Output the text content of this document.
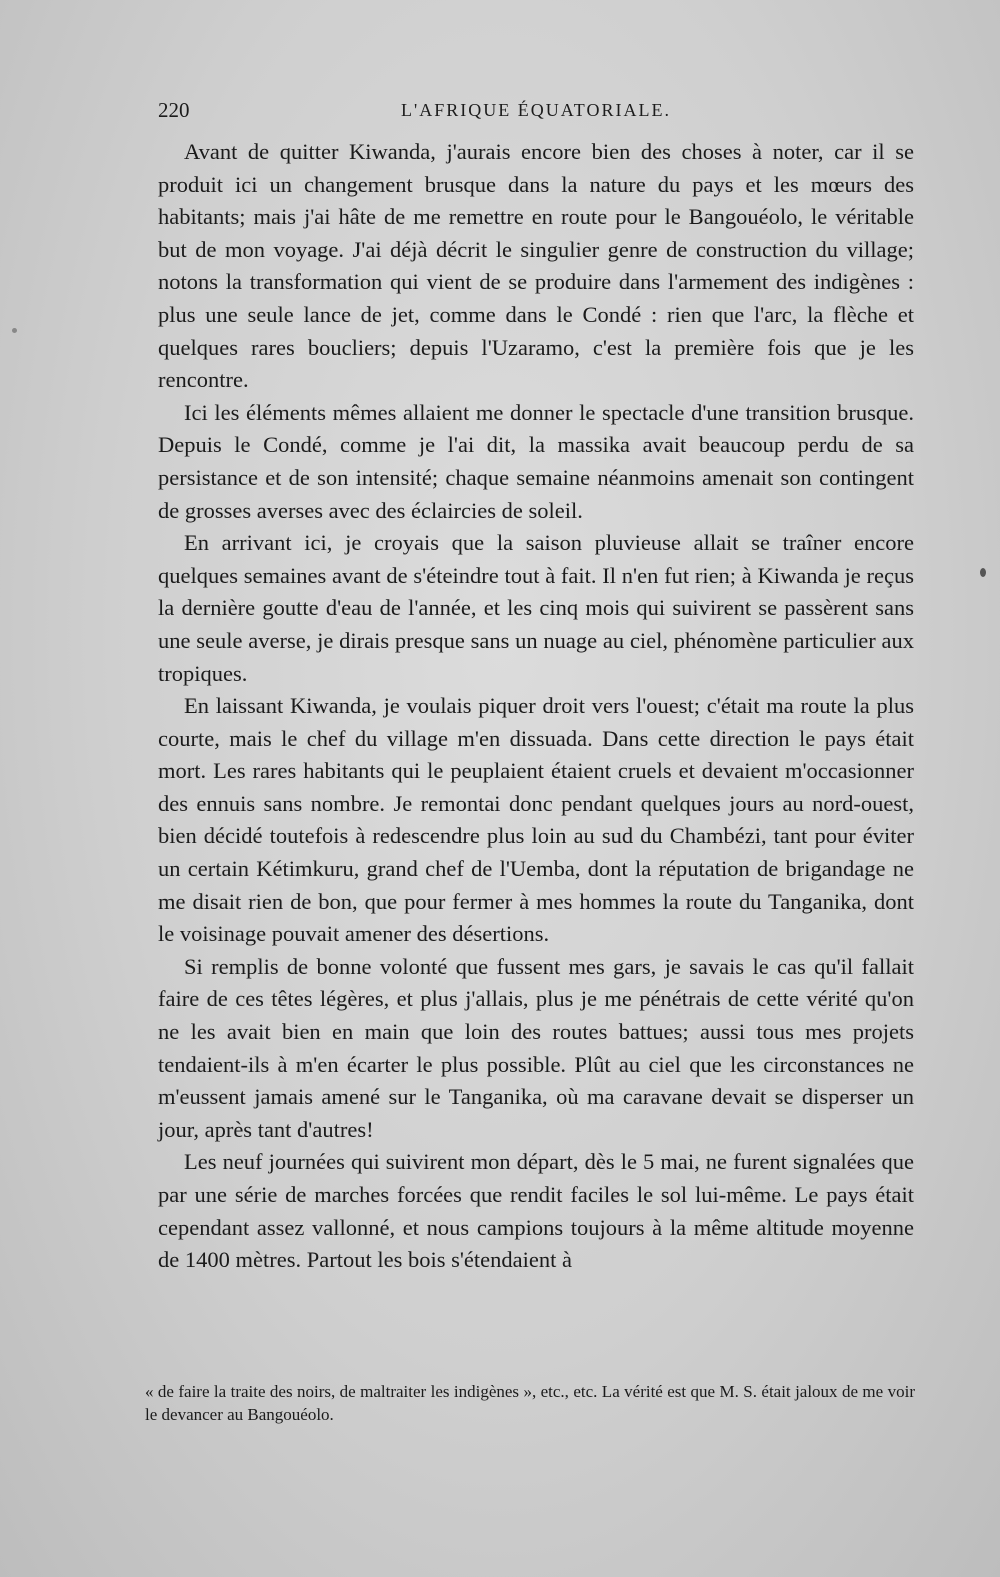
220	L'AFRIQUE ÉQUATORIALE.

Avant de quitter Kiwanda, j'aurais encore bien des choses à noter, car il se produit ici un changement brusque dans la nature du pays et les mœurs des habitants; mais j'ai hâte de me remettre en route pour le Bangouéolo, le véritable but de mon voyage. J'ai déjà décrit le singulier genre de construction du village; notons la transformation qui vient de se produire dans l'armement des indigènes : plus une seule lance de jet, comme dans le Condé : rien que l'arc, la flèche et quelques rares boucliers; depuis l'Uzaramo, c'est la première fois que je les rencontre.

Ici les éléments mêmes allaient me donner le spectacle d'une transition brusque. Depuis le Condé, comme je l'ai dit, la massika avait beaucoup perdu de sa persistance et de son intensité; chaque semaine néanmoins amenait son contingent de grosses averses avec des éclaircies de soleil.

En arrivant ici, je croyais que la saison pluvieuse allait se traîner encore quelques semaines avant de s'éteindre tout à fait. Il n'en fut rien; à Kiwanda je reçus la dernière goutte d'eau de l'année, et les cinq mois qui suivirent se passèrent sans une seule averse, je dirais presque sans un nuage au ciel, phénomène particulier aux tropiques.

En laissant Kiwanda, je voulais piquer droit vers l'ouest; c'était ma route la plus courte, mais le chef du village m'en dissuada. Dans cette direction le pays était mort. Les rares habitants qui le peuplaient étaient cruels et devaient m'occasionner des ennuis sans nombre. Je remontai donc pendant quelques jours au nord-ouest, bien décidé toutefois à redescendre plus loin au sud du Chambézi, tant pour éviter un certain Kétimkuru, grand chef de l'Uemba, dont la réputation de brigandage ne me disait rien de bon, que pour fermer à mes hommes la route du Tanganika, dont le voisinage pouvait amener des désertions.

Si remplis de bonne volonté que fussent mes gars, je savais le cas qu'il fallait faire de ces têtes légères, et plus j'allais, plus je me pénétrais de cette vérité qu'on ne les avait bien en main que loin des routes battues; aussi tous mes projets tendaient-ils à m'en écarter le plus possible. Plût au ciel que les circonstances ne m'eussent jamais amené sur le Tanganika, où ma caravane devait se disperser un jour, après tant d'autres!

Les neuf journées qui suivirent mon départ, dès le 5 mai, ne furent signalées que par une série de marches forcées que rendit faciles le sol lui-même. Le pays était cependant assez vallonné, et nous campions toujours à la même altitude moyenne de 1400 mètres. Partout les bois s'étendaient à

« de faire la traite des noirs, de maltraiter les indigènes », etc., etc. La vérité est que M. S. était jaloux de me voir le devancer au Bangouéolo.
